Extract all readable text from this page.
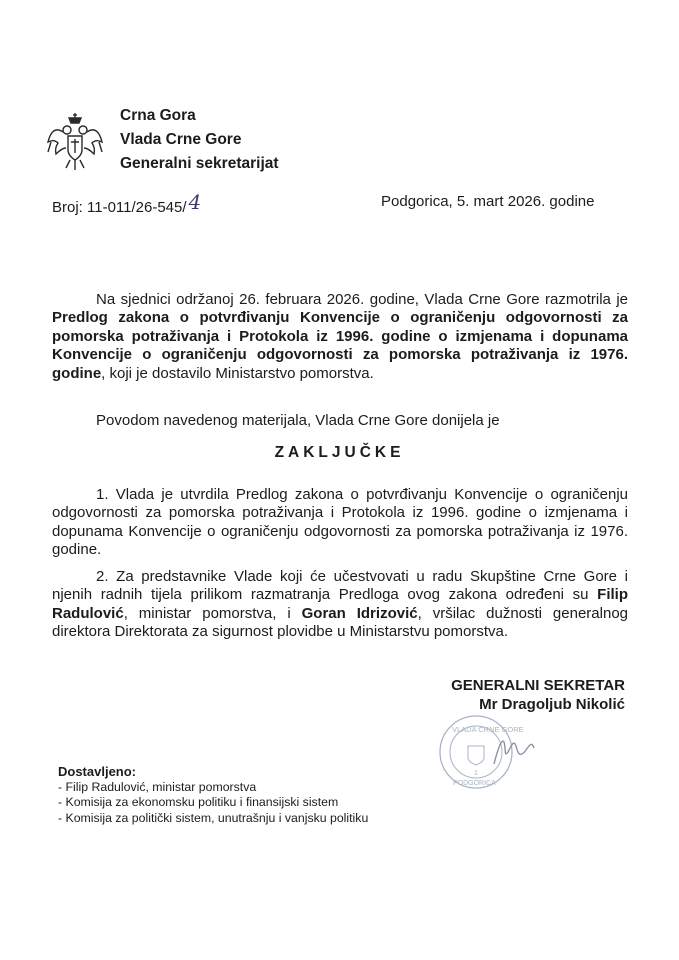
Crna Gora
Vlada Crne Gore
Generalni sekretarijat
Broj: 11-011/26-545/ 4	Podgorica, 5. mart 2026. godine
Na sjednici održanoj 26. februara 2026. godine, Vlada Crne Gore razmotrila je Predlog zakona o potvrđivanju Konvencije o ograničenju odgovornosti za pomorska potraživanja i Protokola iz 1996. godine o izmjenama i dopunama Konvencije o ograničenju odgovornosti za pomorska potraživanja iz 1976. godine, koji je dostavilo Ministarstvo pomorstva.
Povodom navedenog materijala, Vlada Crne Gore donijela je
ZAKLJUČKE
1. Vlada je utvrdila Predlog zakona o potvrđivanju Konvencije o ograničenju odgovornosti za pomorska potraživanja i Protokola iz 1996. godine o izmjenama i dopunama Konvencije o ograničenju odgovornosti za pomorska potraživanja iz 1976. godine.
2. Za predstavnike Vlade koji će učestvovati u radu Skupštine Crne Gore i njenih radnih tijela prilikom razmatranja Predloga ovog zakona određeni su Filip Radulović, ministar pomorstva, i Goran Idrizović, vršilac dužnosti generalnog direktora Direktorata za sigurnost plovidbe u Ministarstvu pomorstva.
VLADA CRNE GORE
1
PODGORICA
GENERALNI SEKRETAR
Mr Dragoljub Nikolić
Dostavljeno:
- Filip Radulović, ministar pomorstva
- Komisija za ekonomsku politiku i finansijski sistem
- Komisija za politički sistem, unutrašnju i vanjsku politiku
